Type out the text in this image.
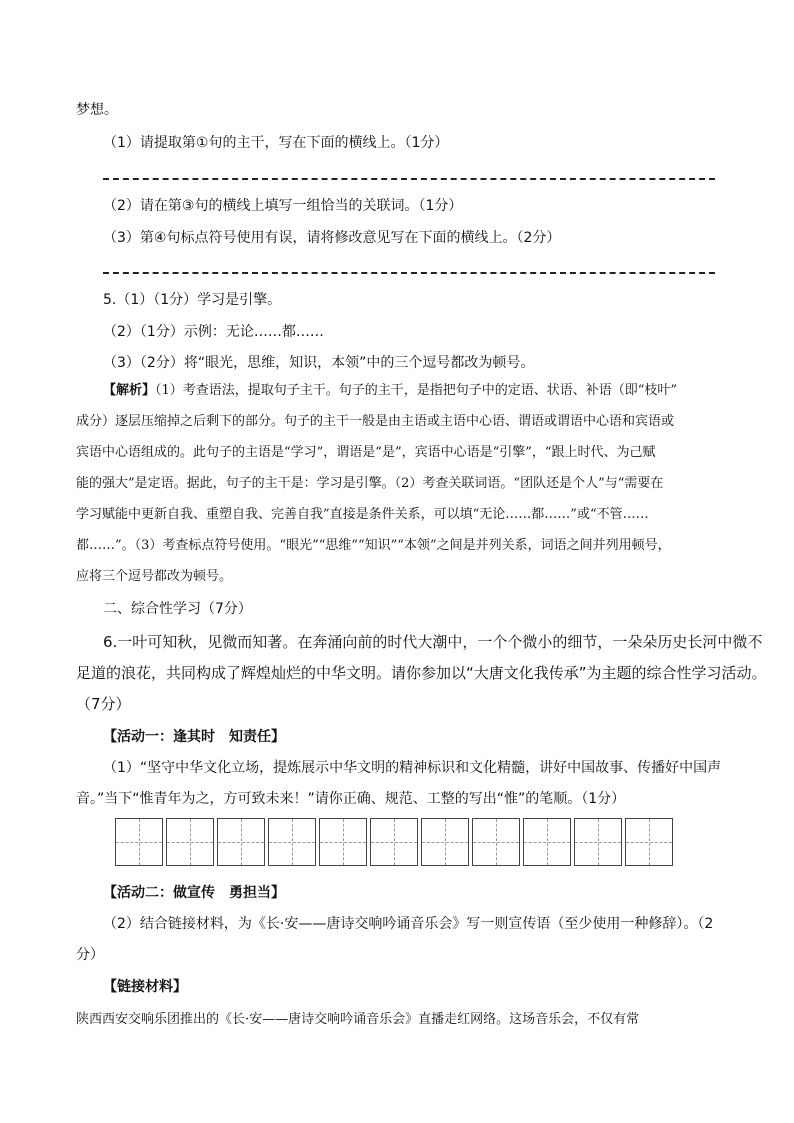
梦想。
（1）请提取第①句的主干，写在下面的横线上。（1分）
（2）请在第③句的横线上填写一组恰当的关联词。（1分）
（3）第④句标点符号使用有误，请将修改意见写在下面的横线上。（2分）
5.（1）（1分）学习是引擎。
（2）（1分）示例：无论……都……
（3）（2分）将“眼光，思维，知识，本领”中的三个逗号都改为顿号。
【解析】（1）考查语法，提取句子主干。句子的主干，是指把句子中的定语、状语、补语（即“枝叶”
成分）逐层压缩掉之后剩下的部分。句子的主干一般是由主语或主语中心语、谓语或谓语中心语和宾语或
宾语中心语组成的。此句子的主语是“学习”，谓语是“是”，宾语中心语是“引擎”，“跟上时代、为己赋
能的强大”是定语。据此，句子的主干是：学习是引擎。（2）考查关联词语。“团队还是个人”与“需要在
学习赋能中更新自我、重塑自我、完善自我”直接是条件关系，可以填“无论……都……”或“不管……
都……”。（3）考查标点符号使用。“眼光”“思维”“知识”“本领”之间是并列关系，词语之间并列用顿号，
应将三个逗号都改为顿号。
二、综合性学习（7分）
6.一叶可知秋，见微而知著。在奔涌向前的时代大潮中，一个个微小的细节，一朵朵历史长河中微不
足道的浪花，共同构成了辉煌灿烂的中华文明。请你参加以“大唐文化我传承”为主题的综合性学习活动。
（7分）
【活动一：逢其时　知责任】
（1）“坚守中华文化立场，提炼展示中华文明的精神标识和文化精髓，讲好中国故事、传播好中国声
音。”当下“惟青年为之，方可致未来！”请你正确、规范、工整的写出“惟”的笔顺。（1分）
【活动二：做宣传　勇担当】
（2）结合链接材料，为《长·安——唐诗交响吟诵音乐会》写一则宣传语（至少使用一种修辞）。（2
分）
【链接材料】
陕西西安交响乐团推出的《长·安——唐诗交响吟诵音乐会》直播走红网络。这场音乐会，不仅有常
